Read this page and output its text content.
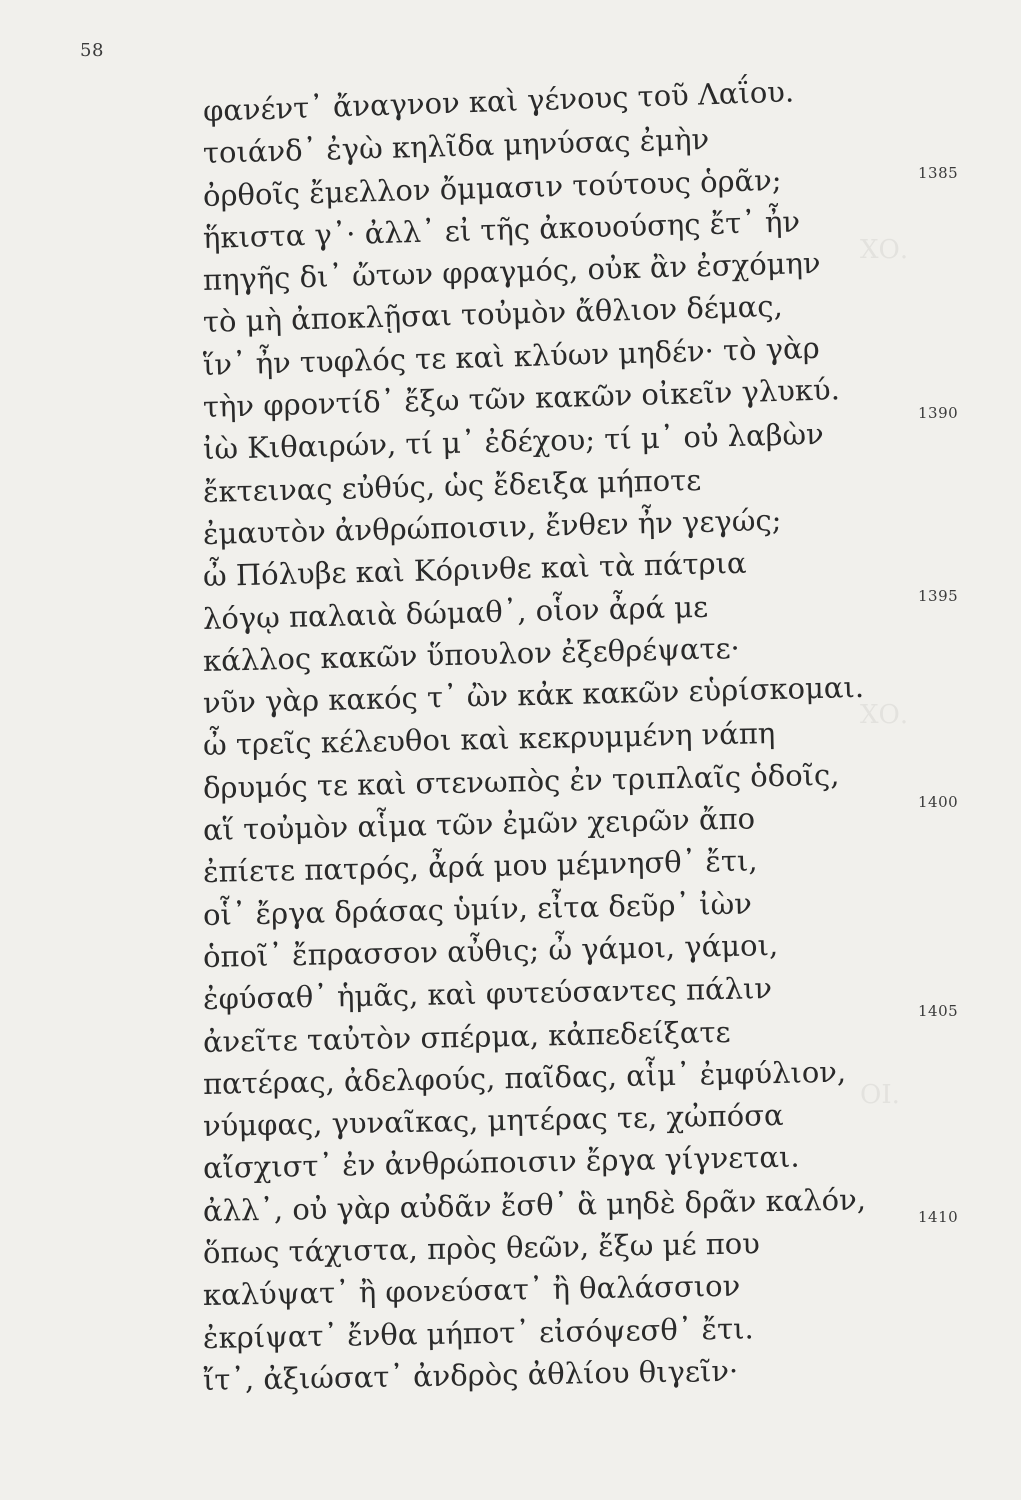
ΧΟ.
ΧΟ.
ΟΙ.
58
φανέντ᾽ ἄναγνον καὶ γένους τοῦ Λαΐου.
τοιάνδ᾽ ἐγὼ κηλῖδα μηνύσας ἐμὴν
ὀρθοῖς ἔμελλον ὄμμασιν τούτους ὁρᾶν;
ἥκιστα γ᾽· ἀλλ᾽ εἰ τῆς ἀκουούσης ἔτ᾽ ἦν
πηγῆς δι᾽ ὤτων φραγμός, οὐκ ἂν ἐσχόμην
τὸ μὴ ἀποκλῇσαι τοὐμὸν ἄθλιον δέμας,
ἵν᾽ ἦν τυφλός τε καὶ κλύων μηδέν· τὸ γὰρ
τὴν φροντίδ᾽ ἔξω τῶν κακῶν οἰκεῖν γλυκύ.
ἰὼ Κιθαιρών, τί μ᾽ ἐδέχου; τί μ᾽ οὐ λαβὼν
ἔκτεινας εὐθύς, ὡς ἔδειξα μήποτε
ἐμαυτὸν ἀνθρώποισιν, ἔνθεν ἦν γεγώς;
ὦ Πόλυβε καὶ Κόρινθε καὶ τὰ πάτρια
λόγῳ παλαιὰ δώμαθ᾽, οἷον ἆρά με
κάλλος κακῶν ὕπουλον ἐξεθρέψατε·
νῦν γὰρ κακός τ᾽ ὢν κἀκ κακῶν εὑρίσκομαι.
ὦ τρεῖς κέλευθοι καὶ κεκρυμμένη νάπη
δρυμός τε καὶ στενωπὸς ἐν τριπλαῖς ὁδοῖς,
αἵ τοὐμὸν αἷμα τῶν ἐμῶν χειρῶν ἄπο
ἐπίετε πατρός, ἆρά μου μέμνησθ᾽ ἔτι,
οἷ᾽ ἔργα δράσας ὑμίν, εἶτα δεῦρ᾽ ἰὼν
ὁποῖ᾽ ἔπρασσον αὖθις; ὦ γάμοι, γάμοι,
ἐφύσαθ᾽ ἡμᾶς, καὶ φυτεύσαντες πάλιν
ἀνεῖτε ταὐτὸν σπέρμα, κἀπεδείξατε
πατέρας, ἀδελφούς, παῖδας, αἷμ᾽ ἐμφύλιον,
νύμφας, γυναῖκας, μητέρας τε, χὠπόσα
αἴσχιστ᾽ ἐν ἀνθρώποισιν ἔργα γίγνεται.
ἀλλ᾽, οὐ γὰρ αὐδᾶν ἔσθ᾽ ἃ μηδὲ δρᾶν καλόν,
ὅπως τάχιστα, πρὸς θεῶν, ἔξω μέ που
καλύψατ᾽ ἢ φονεύσατ᾽ ἢ θαλάσσιον
ἐκρίψατ᾽ ἔνθα μήποτ᾽ εἰσόψεσθ᾽ ἔτι.
ἴτ᾽, ἀξιώσατ᾽ ἀνδρὸς ἀθλίου θιγεῖν·
1385
1390
1395
1400
1405
1410
